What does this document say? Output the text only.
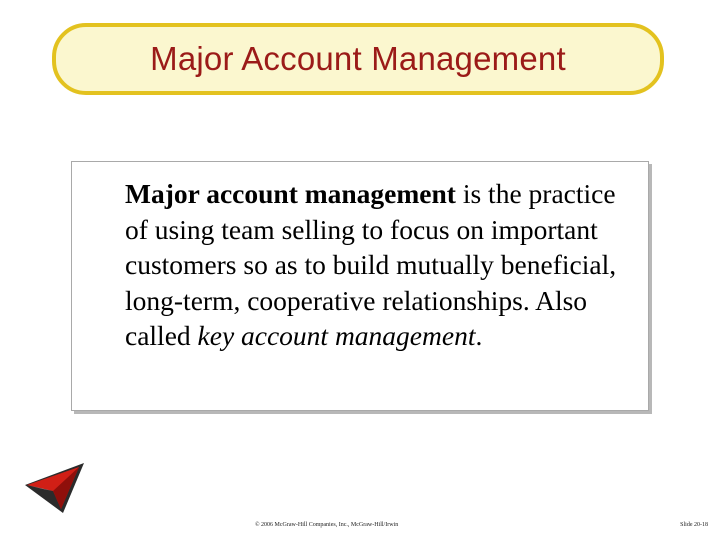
Major Account Management
Major account management is the practice of using team selling to focus on important customers so as to build mutually beneficial, long-term, cooperative relationships. Also called key account management.
© 2006 McGraw-Hill Companies, Inc., McGraw-Hill/Irwin	Slide 20-18
